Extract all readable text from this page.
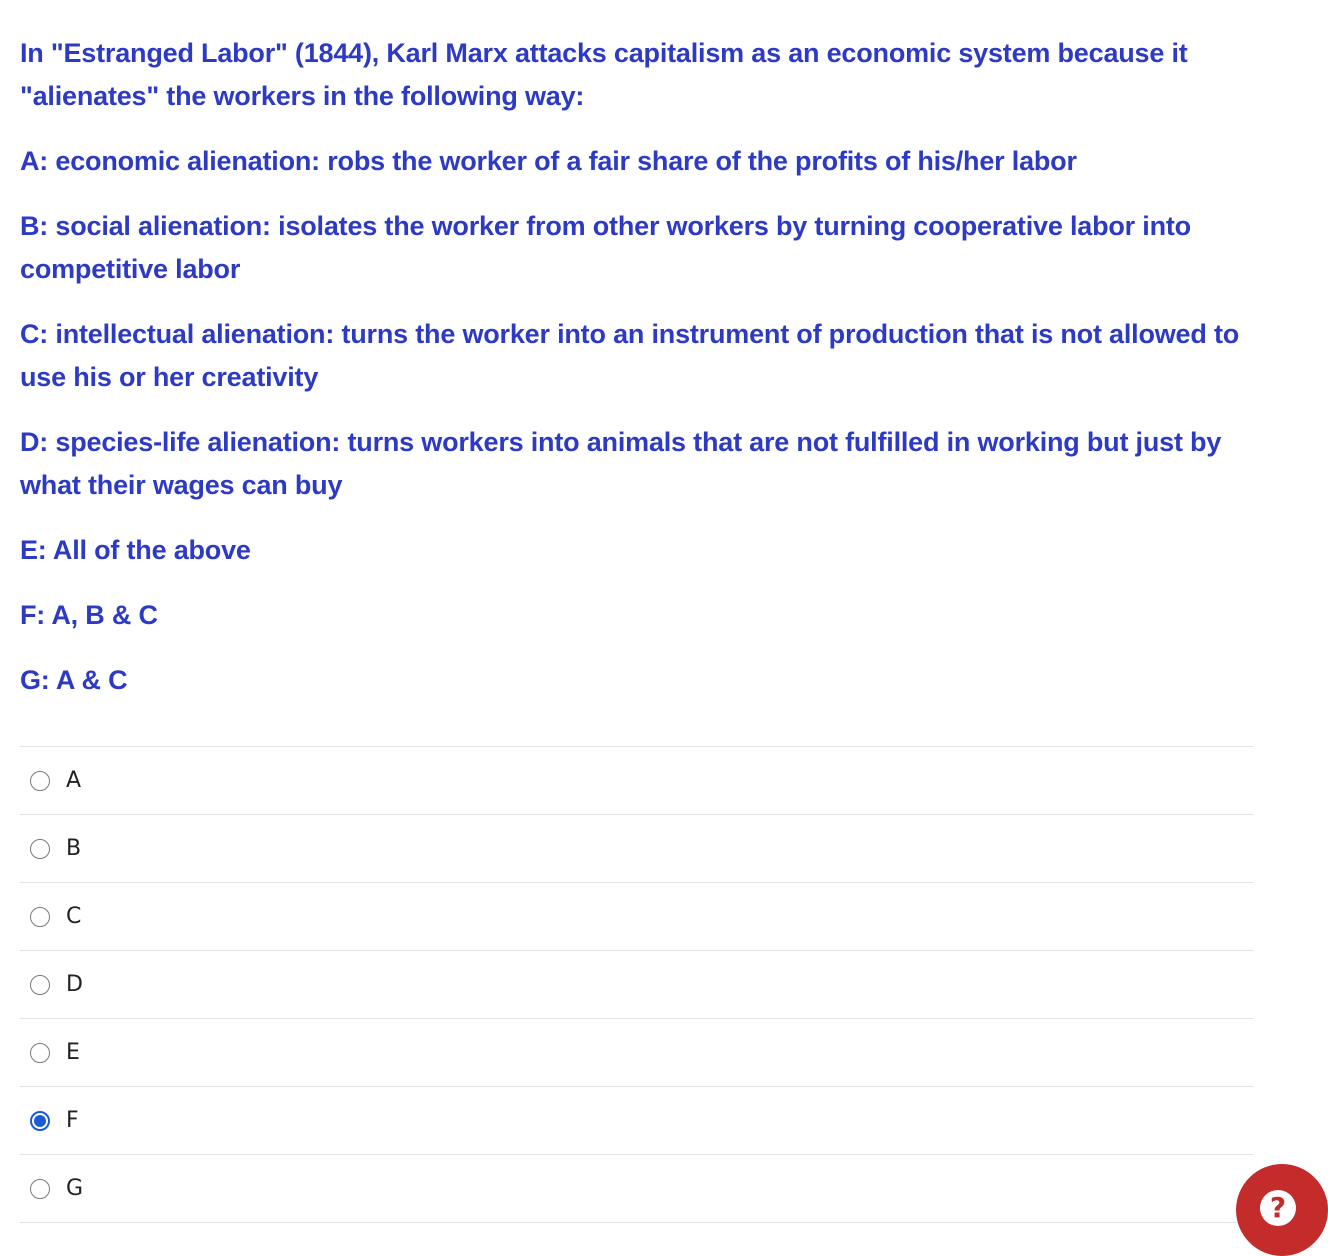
In "Estranged Labor" (1844), Karl Marx attacks capitalism as an economic system because it "alienates" the workers in the following way:

A: economic alienation: robs the worker of a fair share of the profits of his/her labor

B: social alienation: isolates the worker from other workers by turning cooperative labor into competitive labor

C: intellectual alienation: turns the worker into an instrument of production that is not allowed to use his or her creativity

D: species-life alienation: turns workers into animals that are not fulfilled in working but just by what their wages can buy

E: All of the above

F: A, B & C

G: A & C

A
B
C
D
E
F
G
?
